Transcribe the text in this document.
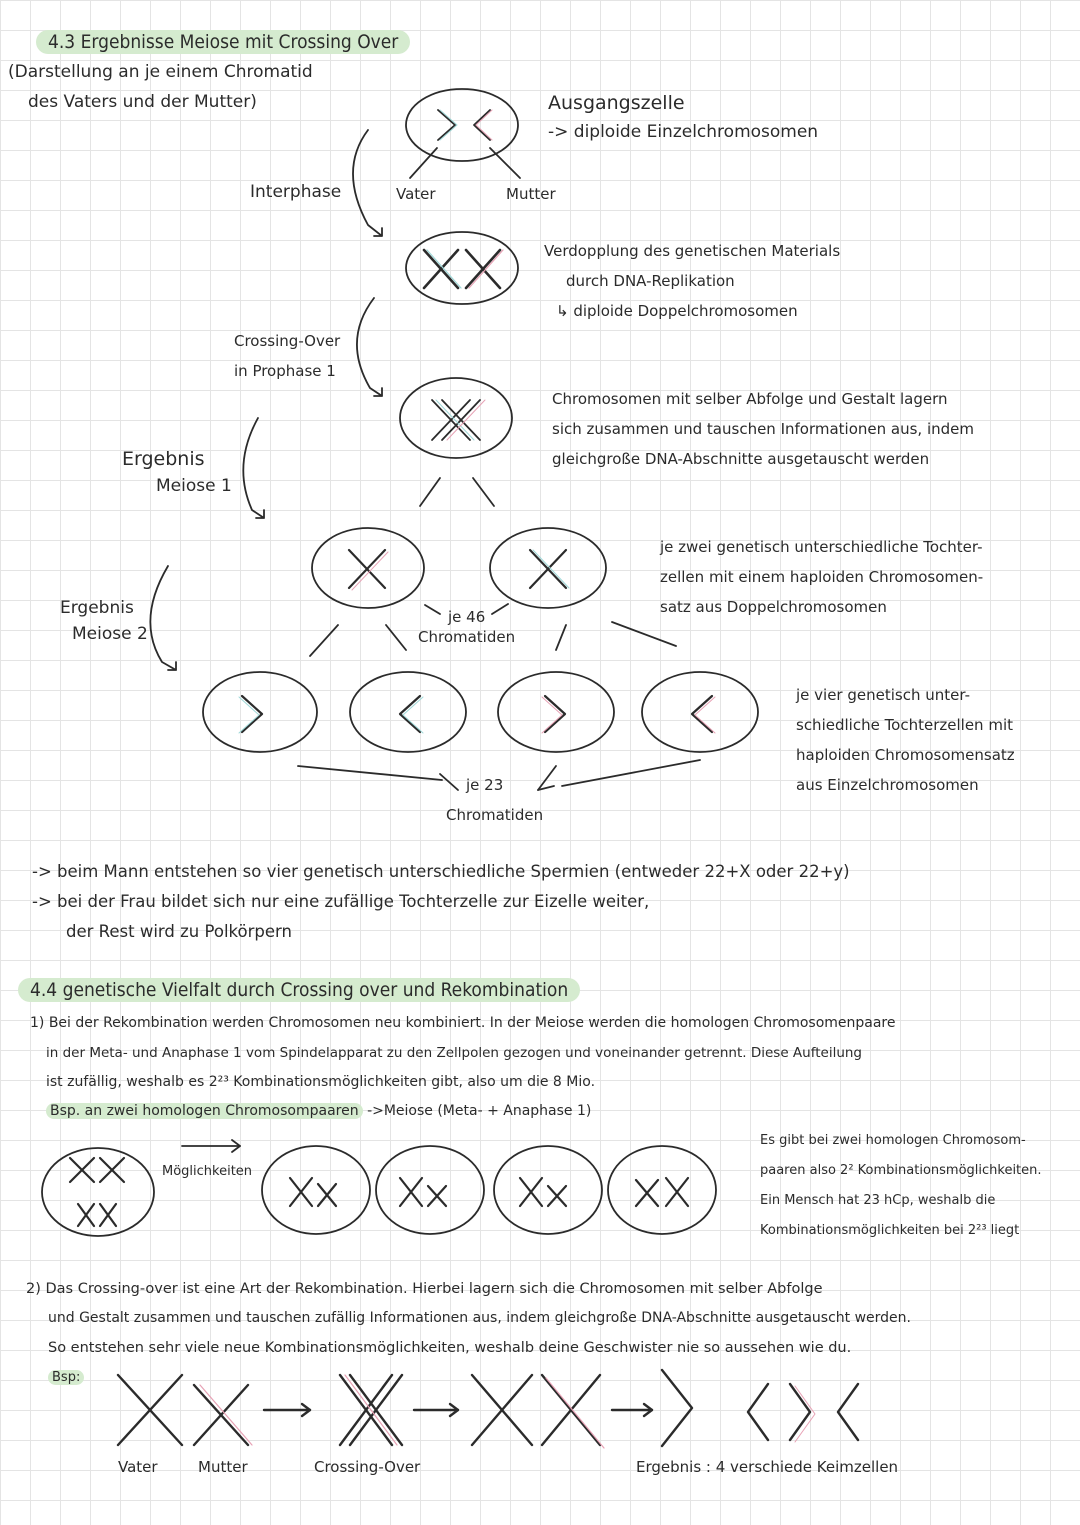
4.3 Ergebnisse Meiose mit Crossing Over
(Darstellung an je einem Chromatid
des Vaters und der Mutter)	Ausgangszelle
-> diploide Einzelchromosomen
Interphase	Vater	Mutter
Verdopplung des genetischen Materials
durch DNA-Replikation
↳ diploide Doppelchromosomen
Crossing-Over
in Prophase 1
Chromosomen mit selber Abfolge und Gestalt lagern
sich zusammen und tauschen Informationen aus, indem
gleichgroße DNA-Abschnitte ausgetauscht werden
Ergebnis
Meiose 1
je zwei genetisch unterschiedliche Tochter-
zellen mit einem haploiden Chromosomen-
satz aus Doppelchromosomen
je 46
Chromatiden
Ergebnis
Meiose 2
je vier genetisch unter-
schiedliche Tochterzellen mit
haploiden Chromosomensatz
aus Einzelchromosomen
je 23
Chromatiden
-> beim Mann entstehen so vier genetisch unterschiedliche Spermien (entweder 22+X oder 22+y)
-> bei der Frau bildet sich nur eine zufällige Tochterzelle zur Eizelle weiter,
der Rest wird zu Polkörpern
4.4 genetische Vielfalt durch Crossing over und Rekombination
1) Bei der Rekombination werden Chromosomen neu kombiniert. In der Meiose werden die homologen Chromosomenpaare
in der Meta- und Anaphase 1 vom Spindelapparat zu den Zellpolen gezogen und voneinander getrennt. Diese Aufteilung
ist zufällig, weshalb es 2²³ Kombinationsmöglichkeiten gibt, also um die 8 Mio.
Bsp. an zwei homologen Chromosompaaren ->Meiose (Meta- + Anaphase 1)
Möglichkeiten
Es gibt bei zwei homologen Chromosom-
paaren also 2² Kombinationsmöglichkeiten.
Ein Mensch hat 23 hCp, weshalb die
Kombinationsmöglichkeiten bei 2²³ liegt
2) Das Crossing-over ist eine Art der Rekombination. Hierbei lagern sich die Chromosomen mit selber Abfolge
und Gestalt zusammen und tauschen zufällig Informationen aus, indem gleichgroße DNA-Abschnitte ausgetauscht werden.
So entstehen sehr viele neue Kombinationsmöglichkeiten, weshalb deine Geschwister nie so aussehen wie du.
Bsp:
Vater	Mutter	Crossing-Over	Ergebnis : 4 verschiede Keimzellen
